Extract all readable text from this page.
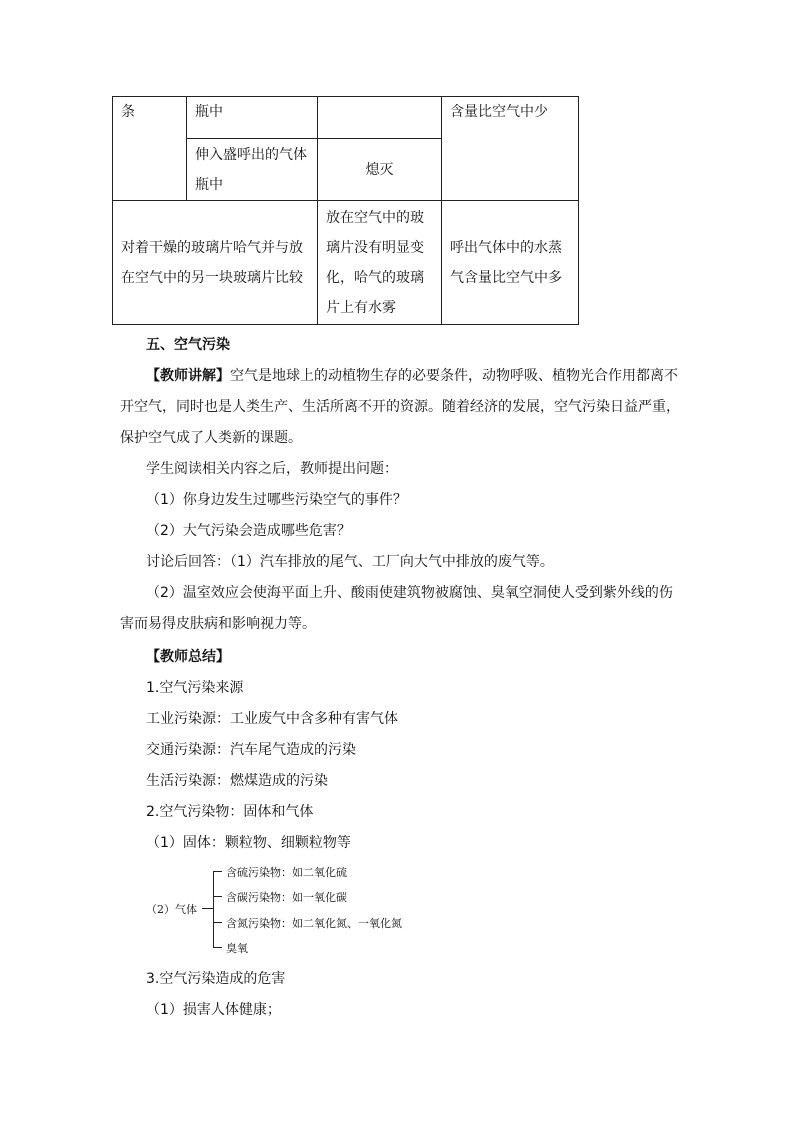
条	瓶中		含量比空气中少
	伸入盛呼出的气体瓶中	熄灭	
对着干燥的玻璃片哈气并与放在空气中的另一块玻璃片比较		放在空气中的玻璃片没有明显变化，哈气的玻璃片上有水雾	呼出气体中的水蒸气含量比空气中多
五、空气污染
【教师讲解】空气是地球上的动植物生存的必要条件，动物呼吸、植物光合作用都离不
开空气，同时也是人类生产、生活所离不开的资源。随着经济的发展，空气污染日益严重，
保护空气成了人类新的课题。
学生阅读相关内容之后，教师提出问题：
（1）你身边发生过哪些污染空气的事件？
（2）大气污染会造成哪些危害？
讨论后回答：（1）汽车排放的尾气、工厂向大气中排放的废气等。
（2）温室效应会使海平面上升、酸雨使建筑物被腐蚀、臭氧空洞使人受到紫外线的伤
害而易得皮肤病和影响视力等。
【教师总结】
1.空气污染来源
工业污染源：工业废气中含多种有害气体
交通污染源：汽车尾气造成的污染
生活污染源：燃煤造成的污染
2.空气污染物：固体和气体
（1）固体：颗粒物、细颗粒物等
（2）气体
含硫污染物：如二氧化硫
含碳污染物：如一氧化碳
含氮污染物：如二氧化氮、一氧化氮
臭氧
3.空气污染造成的危害
（1）损害人体健康；
